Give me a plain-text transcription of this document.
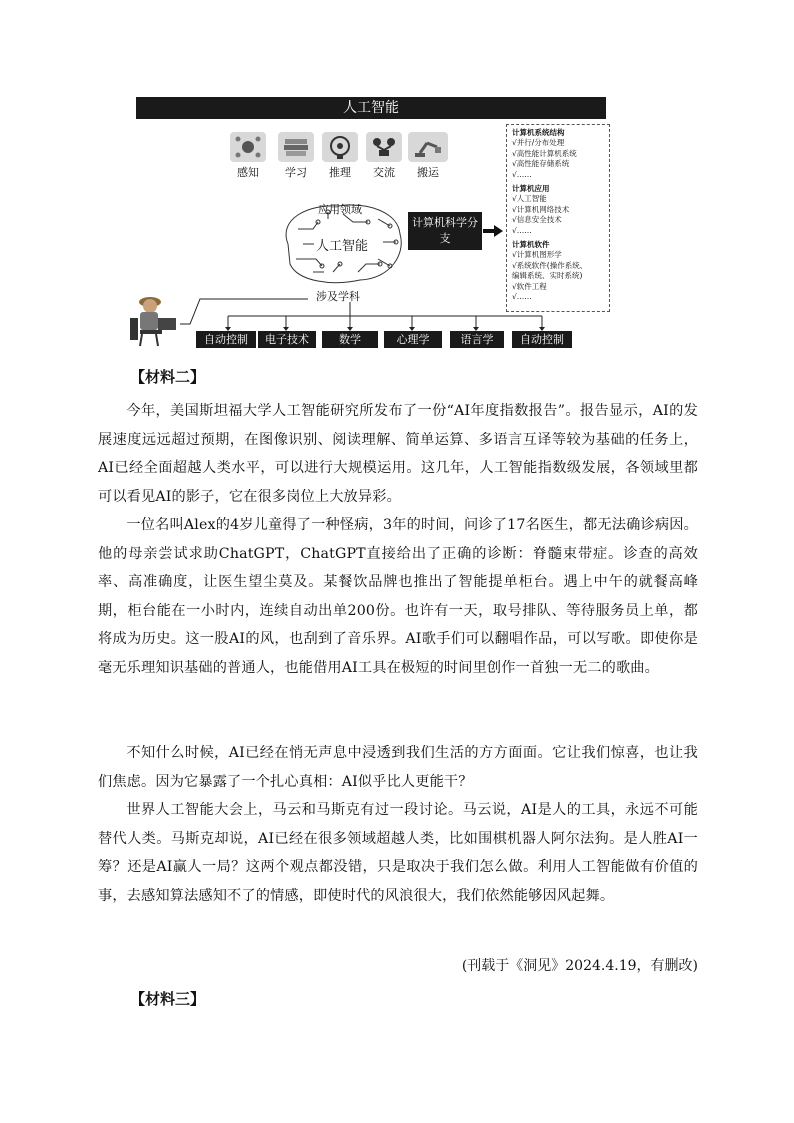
人工智能
感知	学习	推理	交流	搬运
应用领域
人工智能
涉及学科
计算机科学分支
计算机系统结构
√并行/分布处理
√高性能计算机系统
√高性能存储系统
√……
计算机应用
√人工智能
√计算机网络技术
√信息安全技术
√……
计算机软件
√计算机图形学
√系统软件(操作系统、
编辑系统、实时系统)
√软件工程
√……
自动控制	电子技术	数学	心理学	语言学	自动控制
【材料二】

今年，美国斯坦福大学人工智能研究所发布了一份“AI年度指数报告”。报告显示，AI的发展速度远远超过预期，在图像识别、阅读理解、简单运算、多语言互译等较为基础的任务上，AI已经全面超越人类水平，可以进行大规模运用。这几年，人工智能指数级发展，各领域里都可以看见AI的影子，它在很多岗位上大放异彩。

一位名叫Alex的4岁儿童得了一种怪病，3年的时间，问诊了17名医生，都无法确诊病因。他的母亲尝试求助ChatGPT，ChatGPT直接给出了正确的诊断：脊髓束带症。诊查的高效率、高准确度，让医生望尘莫及。某餐饮品牌也推出了智能提单柜台。遇上中午的就餐高峰期，柜台能在一小时内，连续自动出单200份。也许有一天，取号排队、等待服务员上单，都将成为历史。这一股AI的风，也刮到了音乐界。AI歌手们可以翻唱作品，可以写歌。即使你是毫无乐理知识基础的普通人，也能借用AI工具在极短的时间里创作一首独一无二的歌曲。

不知什么时候，AI已经在悄无声息中浸透到我们生活的方方面面。它让我们惊喜，也让我们焦虑。因为它暴露了一个扎心真相：AI似乎比人更能干？

世界人工智能大会上，马云和马斯克有过一段讨论。马云说，AI是人的工具，永远不可能替代人类。马斯克却说，AI已经在很多领域超越人类，比如围棋机器人阿尔法狗。是人胜AI一筹？还是AI赢人一局？这两个观点都没错，只是取决于我们怎么做。利用人工智能做有价值的事，去感知算法感知不了的情感，即使时代的风浪很大，我们依然能够因风起舞。

(刊载于《洞见》2024.4.19，有删改)
【材料三】
